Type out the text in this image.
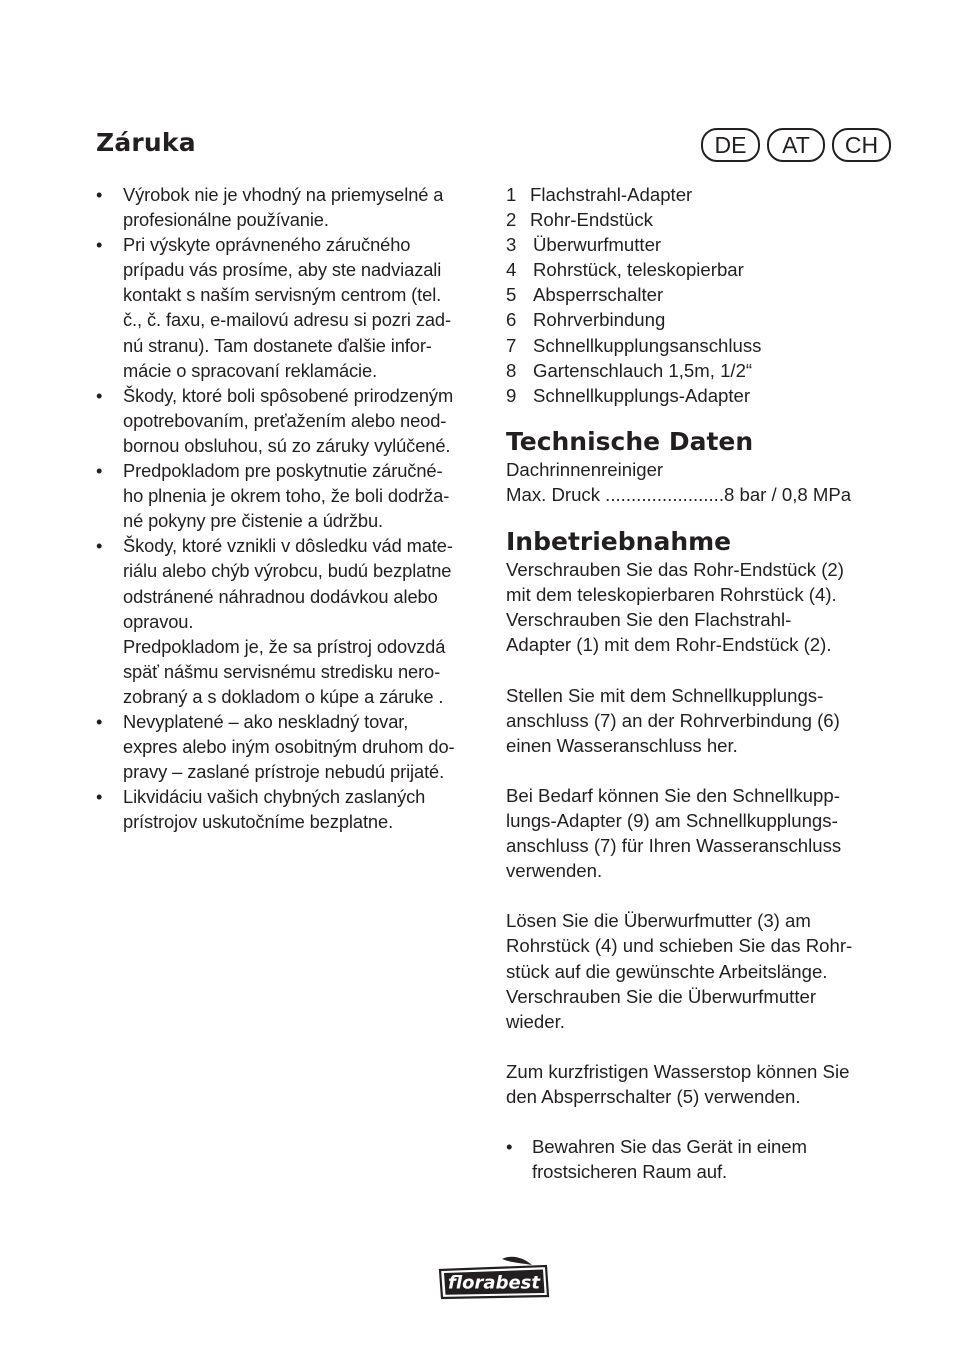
Záruka
• Výrobok nie je vhodný na priemyselné a
profesionálne používanie.
• Pri výskyte oprávneného záručného
prípadu vás prosíme, aby ste nadviazali
kontakt s naším servisným centrom (tel.
č., č. faxu, e-mailovú adresu si pozri zad-
nú stranu). Tam dostanete ďalšie infor-
mácie o spracovaní reklamácie.
• Škody, ktoré boli spôsobené prirodzeným
opotrebovaním, preťažením alebo neod-
bornou obsluhou, sú zo záruky vylúčené.
• Predpokladom pre poskytnutie záručné-
ho plnenia je okrem toho, že boli dodrža-
né pokyny pre čistenie a údržbu.
• Škody, ktoré vznikli v dôsledku vád mate-
riálu alebo chýb výrobcu, budú bezplatne
odstránené náhradnou dodávkou alebo
opravou.
Predpokladom je, že sa prístroj odovzdá
späť nášmu servisnému stredisku nero-
zobraný a s dokladom o kúpe a záruke .
• Nevyplatené – ako neskladný tovar,
expres alebo iným osobitným druhom do-
pravy – zaslané prístroje nebudú prijaté.
• Likvidáciu vašich chybných zaslaných
prístrojov uskutočníme bezplatne.
DE	AT	CH
1 Flachstrahl-Adapter
2 Rohr-Endstück
3 Überwurfmutter
4 Rohrstück, teleskopierbar
5 Absperrschalter
6 Rohrverbindung
7 Schnellkupplungsanschluss
8 Gartenschlauch 1,5m, 1/2“
9 Schnellkupplungs-Adapter
Technische Daten

Dachrinnenreiniger
Max. Druck .......................8 bar / 0,8 MPa

Inbetriebnahme

Verschrauben Sie das Rohr-Endstück (2)
mit dem teleskopierbaren Rohrstück (4).
Verschrauben Sie den Flachstrahl-
Adapter (1) mit dem Rohr-Endstück (2).

Stellen Sie mit dem Schnellkupplungs-
anschluss (7) an der Rohrverbindung (6)
einen Wasseranschluss her.

Bei Bedarf können Sie den Schnellkupp-
lungs-Adapter (9) am Schnellkupplungs-
anschluss (7) für Ihren Wasseranschluss
verwenden.

Lösen Sie die Überwurfmutter (3) am
Rohrstück (4) und schieben Sie das Rohr-
stück auf die gewünschte Arbeitslänge.
Verschrauben Sie die Überwurfmutter
wieder.

Zum kurzfristigen Wasserstop können Sie
den Absperrschalter (5) verwenden.

• Bewahren Sie das Gerät in einem
frostsicheren Raum auf.
florabest
